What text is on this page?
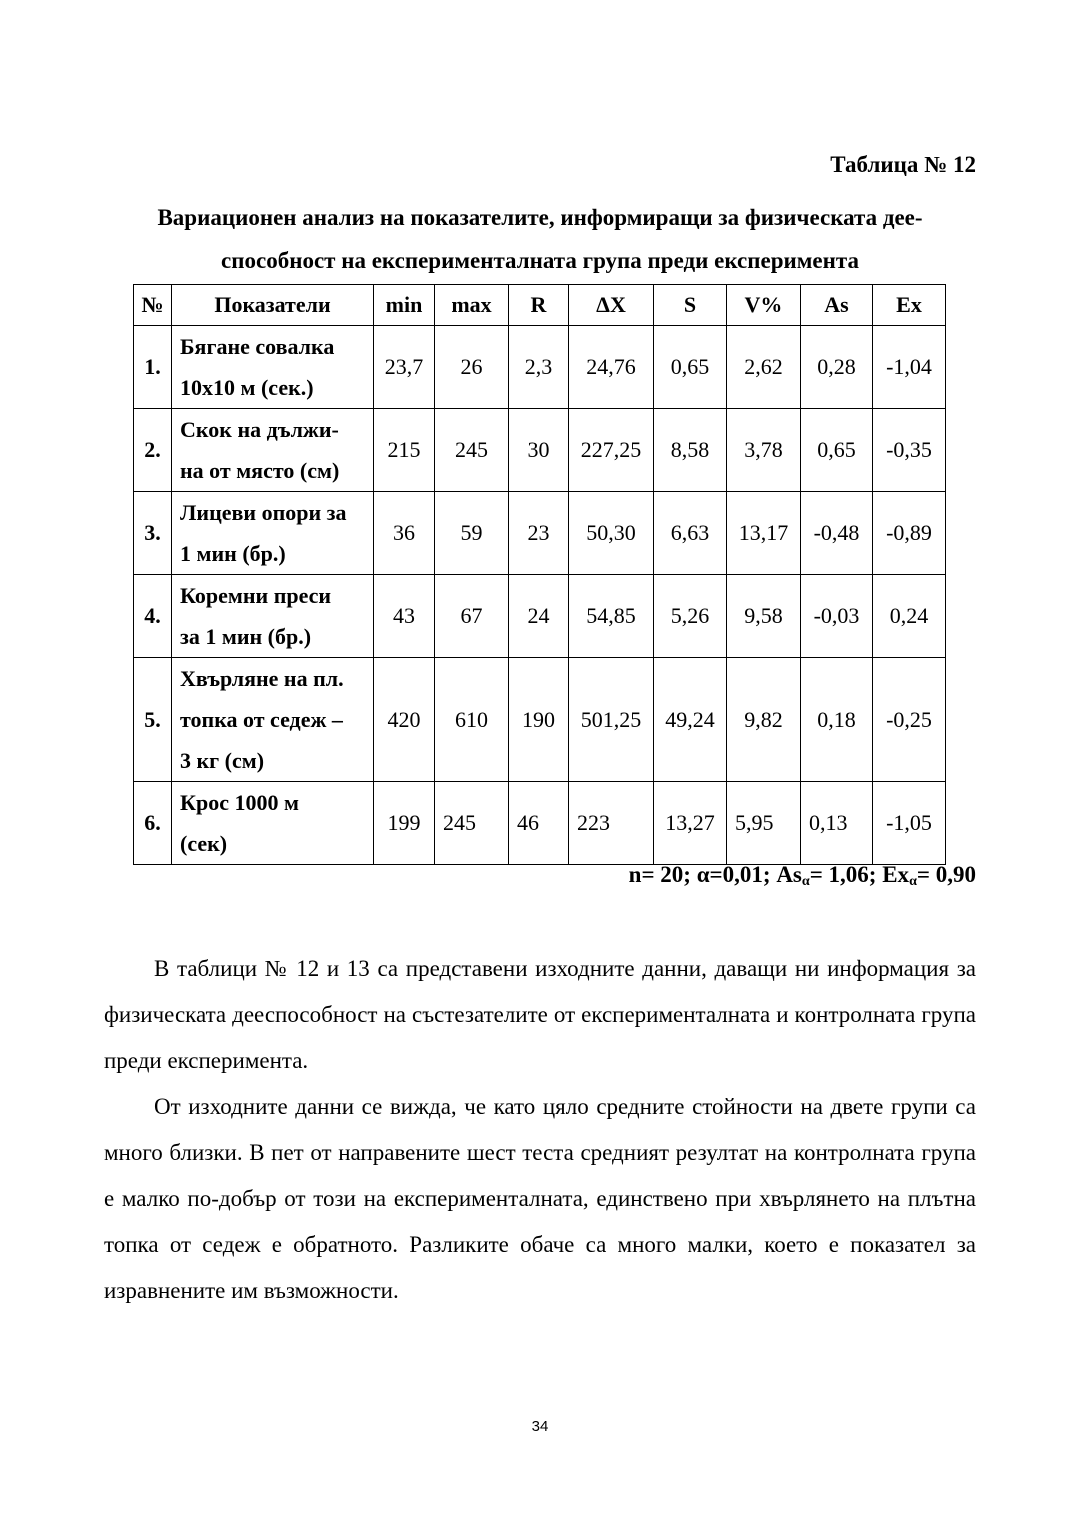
Таблица № 12

Вариационен анализ на показателите, информиращи за физическата дее-
способност на експерименталната група преди експеримента

№	Показатели	min	max	R	ΔX	S	V%	As	Ex
1.	Бягане совалка
10x10 м (сек.)	23,7	26	2,3	24,76	0,65	2,62	0,28	-1,04
2.	Скок на дължи-
на от място (см)	215	245	30	227,25	8,58	3,78	0,65	-0,35
3.	Лицеви опори за
1 мин (бр.)	36	59	23	50,30	6,63	13,17	-0,48	-0,89
4.	Коремни преси
за 1 мин (бр.)	43	67	24	54,85	5,26	9,58	-0,03	0,24
5.	Хвърляне на пл.
топка от седеж –
3 кг (см)	420	610	190	501,25	49,24	9,82	0,18	-0,25
6.	Крос 1000 м
(сек)	199	245	46	223	13,27	5,95	0,13	-1,05

n= 20; α=0,01; $As_\alpha= 1,06$; $Ex_\alpha= 0,90$

В таблици № 12 и 13 са представени изходните данни, даващи ни информация за физическата дееспособност на състезателите от експерименталната и контролната група преди експеримента.

От изходните данни се вижда, че като цяло средните стойности на двете групи са много близки. В пет от направените шест теста средният резултат на контролната група е малко по-добър от този на експерименталната, единствено при хвърлянето на плътна топка от седеж е обратното. Разликите обаче са много малки, което е показател за изравнените им възможности.

34
